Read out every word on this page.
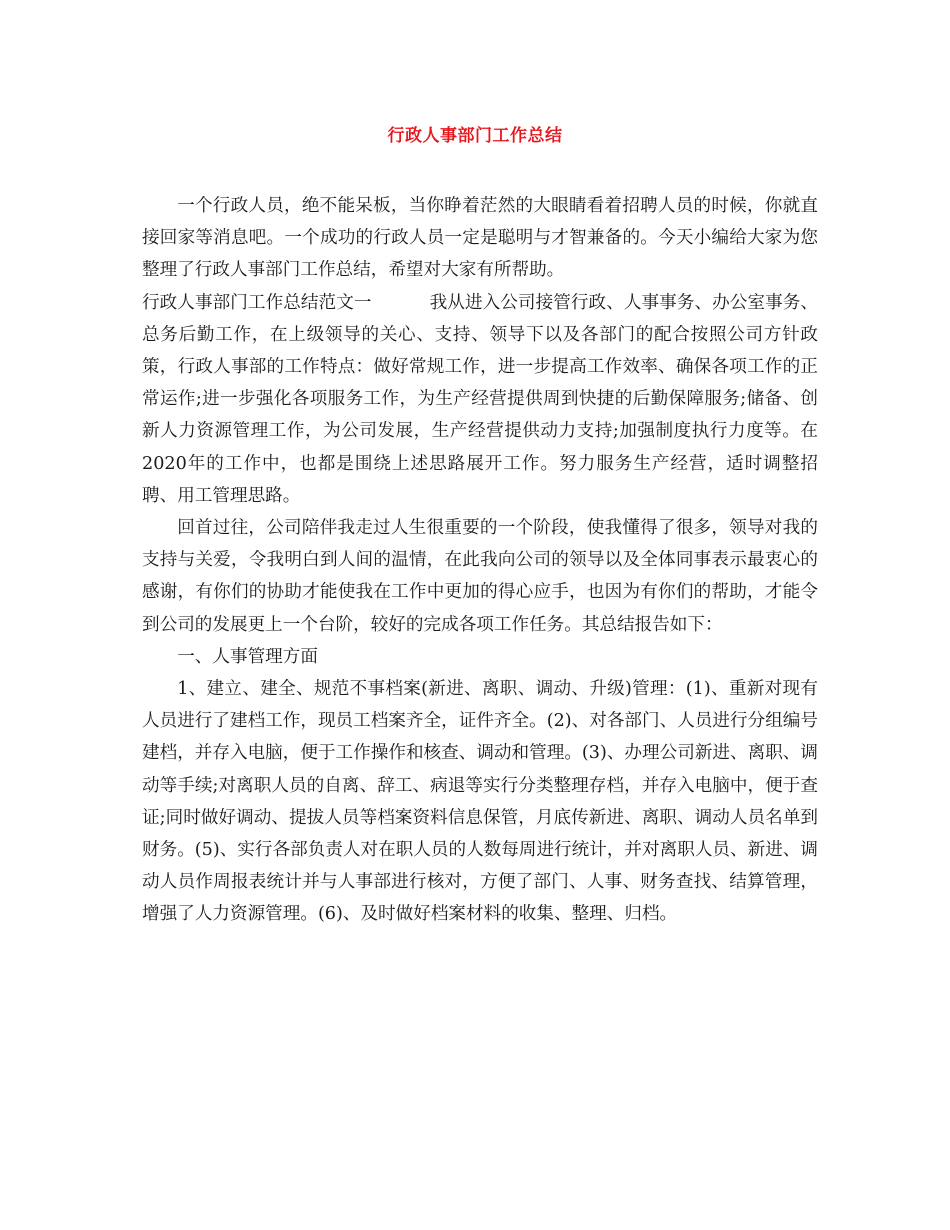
行政人事部门工作总结

一个行政人员，绝不能呆板，当你睁着茫然的大眼睛看着招聘人员的时候，你就直接回家等消息吧。一个成功的行政人员一定是聪明与才智兼备的。今天小编给大家为您整理了行政人事部门工作总结，希望对大家有所帮助。

行政人事部门工作总结范文一	我从进入公司接管行政、人事事务、办公室事务、总务后勤工作，在上级领导的关心、支持、领导下以及各部门的配合按照公司方针政策，行政人事部的工作特点：做好常规工作，进一步提高工作效率、确保各项工作的正常运作;进一步强化各项服务工作，为生产经营提供周到快捷的后勤保障服务;储备、创新人力资源管理工作，为公司发展，生产经营提供动力支持;加强制度执行力度等。在2020年的工作中，也都是围绕上述思路展开工作。努力服务生产经营，适时调整招聘、用工管理思路。

回首过往，公司陪伴我走过人生很重要的一个阶段，使我懂得了很多，领导对我的支持与关爱，令我明白到人间的温情，在此我向公司的领导以及全体同事表示最衷心的感谢，有你们的协助才能使我在工作中更加的得心应手，也因为有你们的帮助，才能令到公司的发展更上一个台阶，较好的完成各项工作任务。其总结报告如下：

一、人事管理方面

1、建立、建全、规范不事档案(新进、离职、调动、升级)管理：(1)、重新对现有人员进行了建档工作，现员工档案齐全，证件齐全。(2)、对各部门、人员进行分组编号建档，并存入电脑，便于工作操作和核查、调动和管理。(3)、办理公司新进、离职、调动等手续;对离职人员的自离、辞工、病退等实行分类整理存档，并存入电脑中，便于查证;同时做好调动、提拔人员等档案资料信息保管，月底传新进、离职、调动人员名单到财务。(5)、实行各部负责人对在职人员的人数每周进行统计，并对离职人员、新进、调动人员作周报表统计并与人事部进行核对，方便了部门、人事、财务查找、结算管理，增强了人力资源管理。(6)、及时做好档案材料的收集、整理、归档。
